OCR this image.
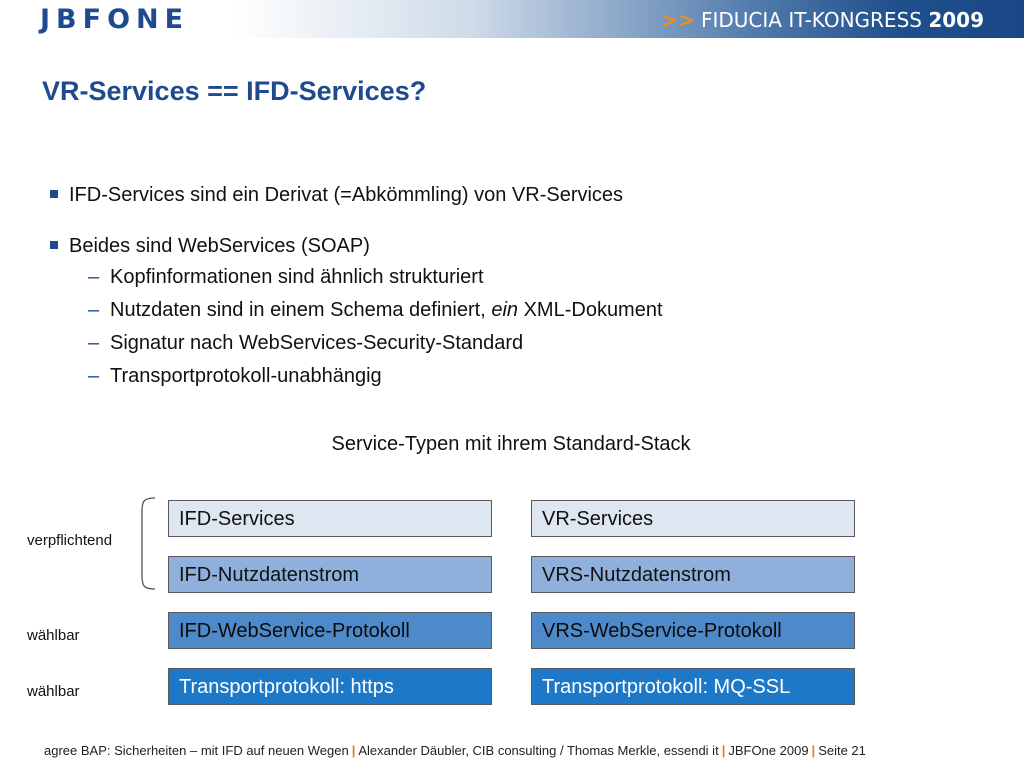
JBFONE	>> FIDUCIA IT-KONGRESS 2009
VR-Services == IFD-Services?
IFD-Services sind ein Derivat (=Abkömmling) von VR-Services
Beides sind WebServices (SOAP)
– Kopfinformationen sind ähnlich strukturiert
– Nutzdaten sind in einem Schema definiert, ein XML-Dokument
– Signatur nach WebServices-Security-Standard
– Transportprotokoll-unabhängig
Service-Typen mit ihrem Standard-Stack
verpflichtend
wählbar
wählbar
IFD-Services
IFD-Nutzdatenstrom
IFD-WebService-Protokoll
Transportprotokoll: https
VR-Services
VRS-Nutzdatenstrom
VRS-WebService-Protokoll
Transportprotokoll: MQ-SSL
agree BAP: Sicherheiten – mit IFD auf neuen Wegen | Alexander Däubler, CIB consulting / Thomas Merkle, essendi it | JBFOne 2009 | Seite 21
